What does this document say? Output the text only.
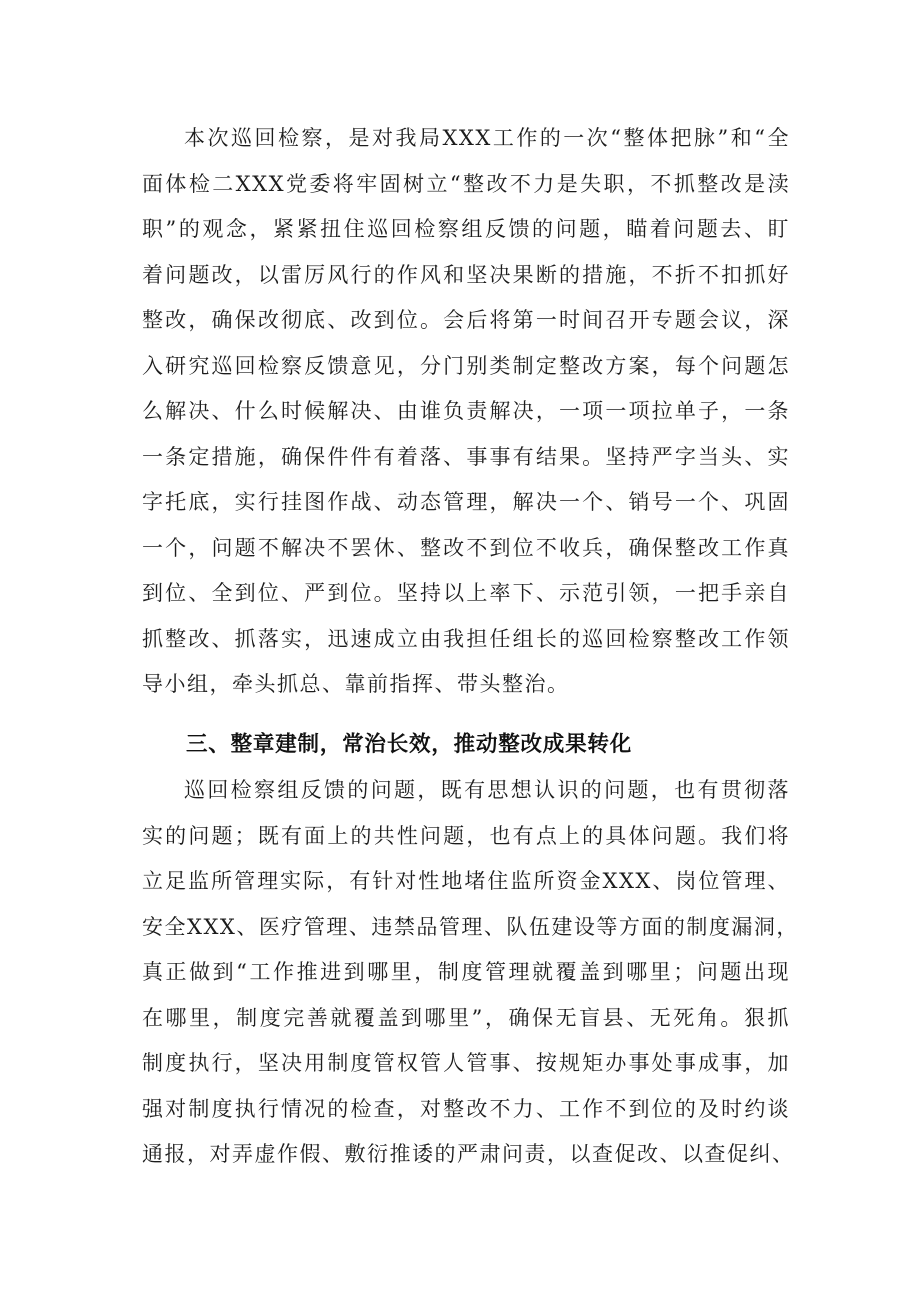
本次巡回检察，是对我局XXX工作的一次“整体把脉”和“全
面体检二XXX党委将牢固树立“整改不力是失职，不抓整改是渎
职”的观念，紧紧扭住巡回检察组反馈的问题，瞄着问题去、盯
着问题改，以雷厉风行的作风和坚决果断的措施，不折不扣抓好
整改，确保改彻底、改到位。会后将第一时间召开专题会议，深
入研究巡回检察反馈意见，分门别类制定整改方案，每个问题怎
么解决、什么时候解决、由谁负责解决，一项一项拉单子，一条
一条定措施，确保件件有着落、事事有结果。坚持严字当头、实
字托底，实行挂图作战、动态管理，解决一个、销号一个、巩固
一个，问题不解决不罢休、整改不到位不收兵，确保整改工作真
到位、全到位、严到位。坚持以上率下、示范引领，一把手亲自
抓整改、抓落实，迅速成立由我担任组长的巡回检察整改工作领
导小组，牵头抓总、靠前指挥、带头整治。
三、整章建制，常治长效，推动整改成果转化
巡回检察组反馈的问题，既有思想认识的问题，也有贯彻落
实的问题；既有面上的共性问题，也有点上的具体问题。我们将
立足监所管理实际，有针对性地堵住监所资金XXX、岗位管理、
安全XXX、医疗管理、违禁品管理、队伍建设等方面的制度漏洞，
真正做到“工作推进到哪里，制度管理就覆盖到哪里；问题出现
在哪里，制度完善就覆盖到哪里”，确保无盲县、无死角。狠抓
制度执行，坚决用制度管权管人管事、按规矩办事处事成事，加
强对制度执行情况的检查，对整改不力、工作不到位的及时约谈
通报，对弄虚作假、敷衍推诿的严肃问责，以查促改、以查促纠、
